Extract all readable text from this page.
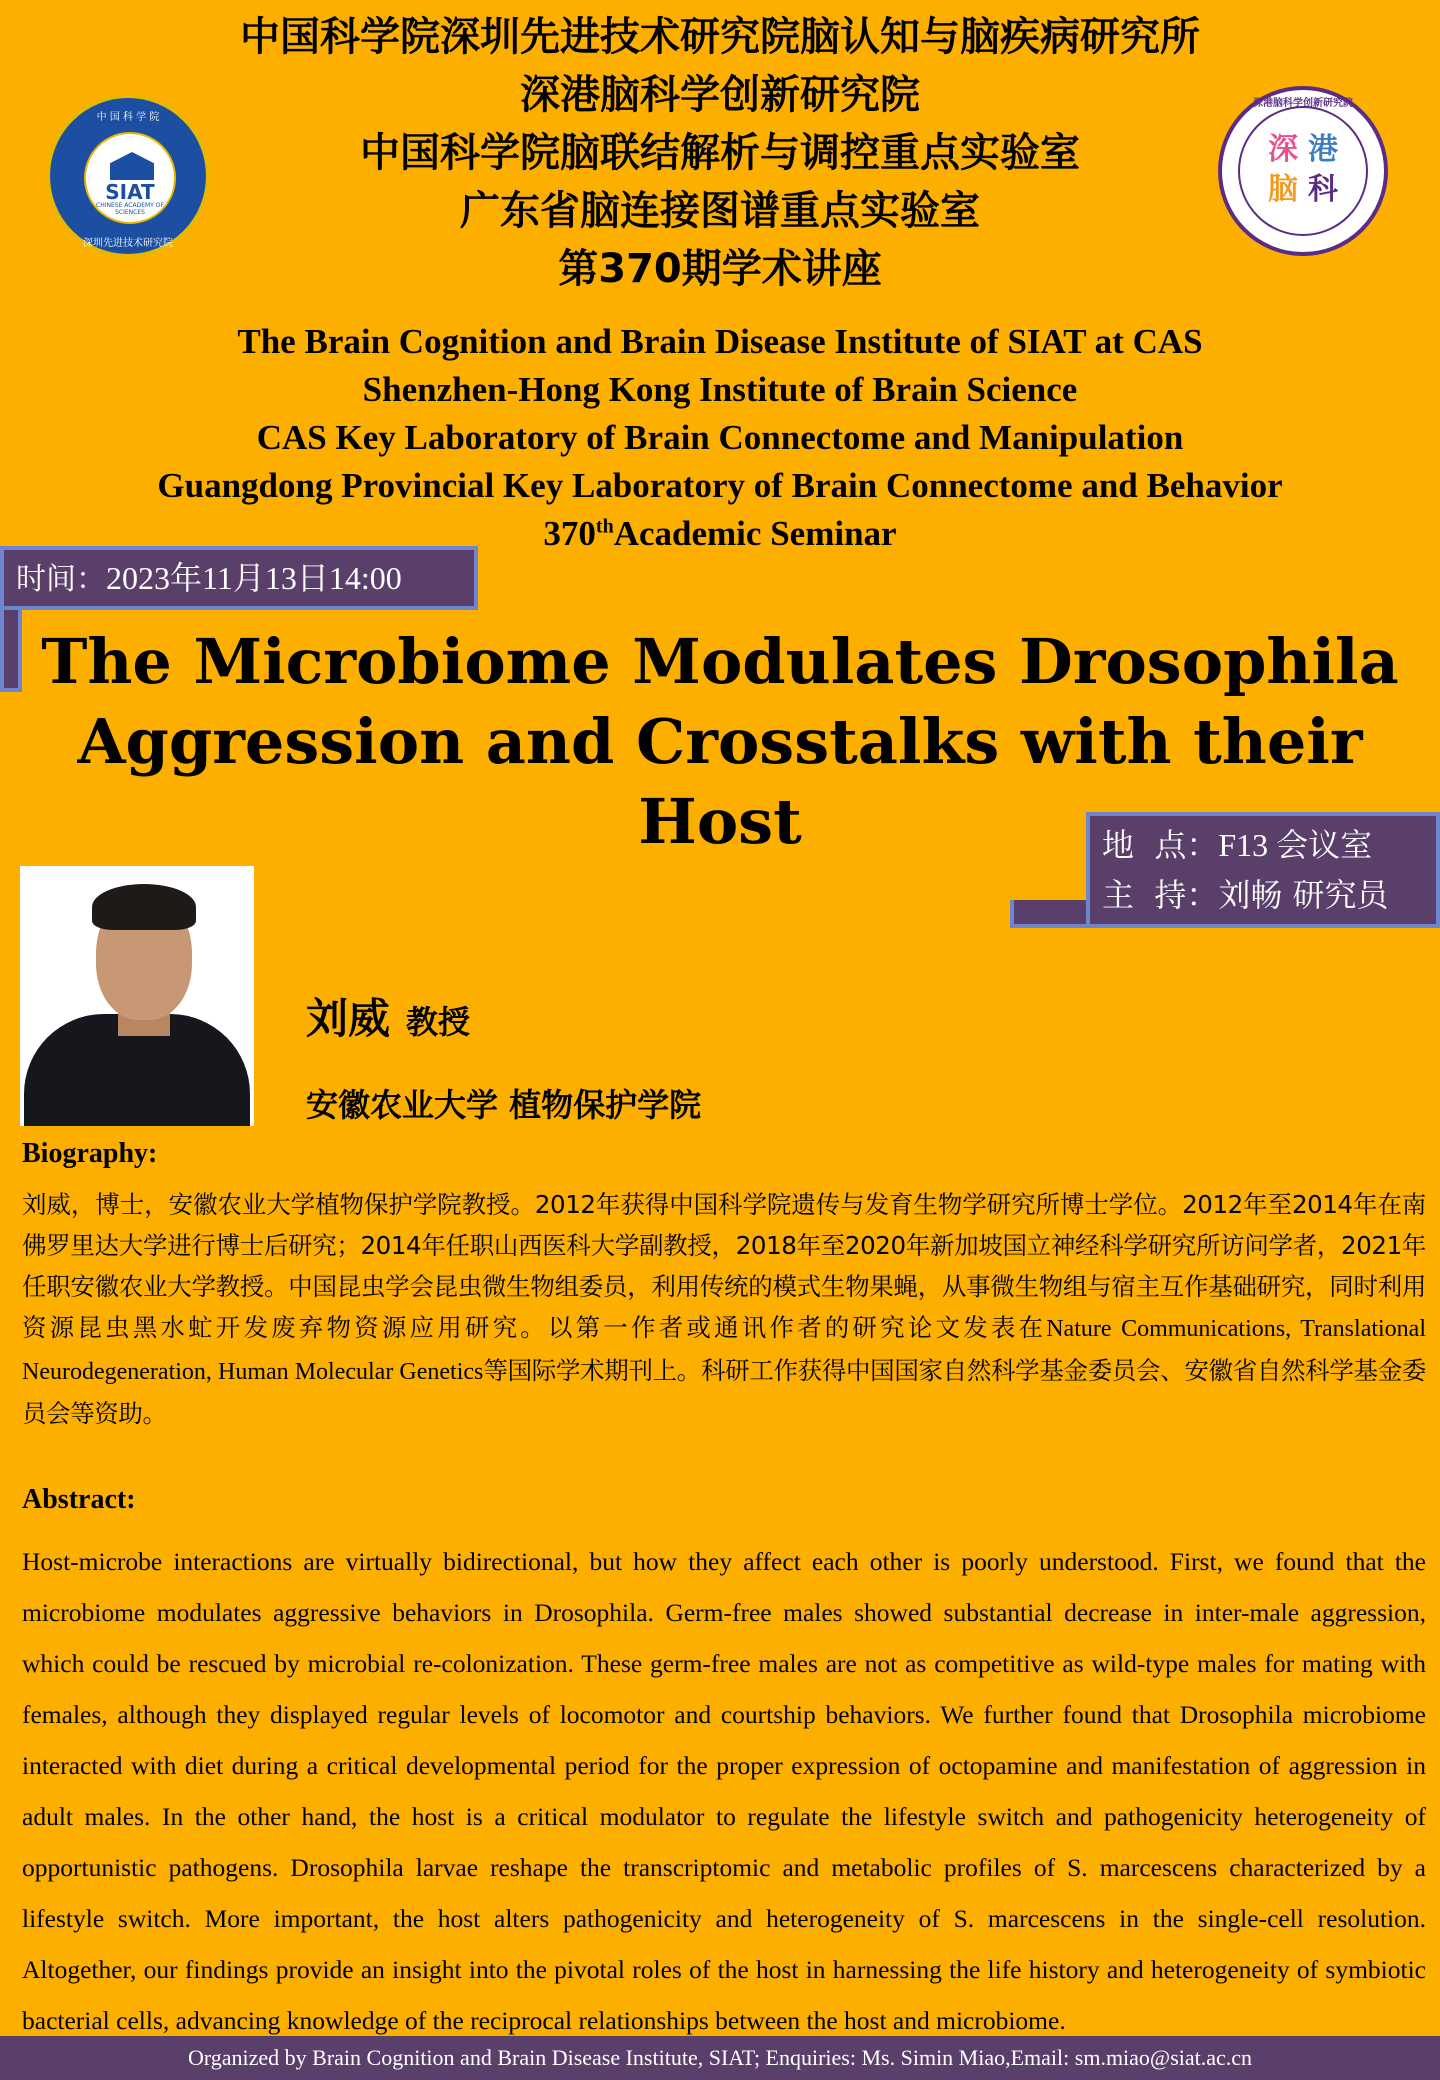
中国科学院深圳先进技术研究院脑认知与脑疾病研究所
深港脑科学创新研究院
中国科学院脑联结解析与调控重点实验室
广东省脑连接图谱重点实验室
第370期学术讲座
中 国 科 学 院
SIAT
CHINESE ACADEMY OF SCIENCES
深圳先进技术研究院
深港脑科学创新研究院
深 港脑 科
The Brain Cognition and Brain Disease Institute of SIAT at CAS
Shenzhen-Hong Kong Institute of Brain Science
CAS Key Laboratory of Brain Connectome and Manipulation
Guangdong Provincial Key Laboratory of Brain Connectome and Behavior
370thAcademic Seminar
时间：2023年11月13日14:00
The Microbiome Modulates Drosophila
Aggression and Crosstalks with their
Host	地  点：F13 会议室
主  持：刘畅 研究员
刘威 教授
安徽农业大学 植物保护学院
Biography:
刘威，博士，安徽农业大学植物保护学院教授。2012年获得中国科学院遗传与发育生物学研究所博士学位。2012年至2014年在南佛罗里达大学进行博士后研究；2014年任职山西医科大学副教授，2018年至2020年新加坡国立神经科学研究所访问学者，2021年任职安徽农业大学教授。中国昆虫学会昆虫微生物组委员，利用传统的模式生物果蝇，从事微生物组与宿主互作基础研究，同时利用资源昆虫黑水虻开发废弃物资源应用研究。以第一作者或通讯作者的研究论文发表在Nature Communications, Translational Neurodegeneration, Human Molecular Genetics等国际学术期刊上。科研工作获得中国国家自然科学基金委员会、安徽省自然科学基金委员会等资助。
Abstract:
Host-microbe interactions are virtually bidirectional, but how they affect each other is poorly understood. First, we found that the microbiome modulates aggressive behaviors in Drosophila. Germ-free males showed substantial decrease in inter-male aggression, which could be rescued by microbial re-colonization. These germ-free males are not as competitive as wild-type males for mating with females, although they displayed regular levels of locomotor and courtship behaviors. We further found that Drosophila microbiome interacted with diet during a critical developmental period for the proper expression of octopamine and manifestation of aggression in adult males. In the other hand, the host is a critical modulator to regulate the lifestyle switch and pathogenicity heterogeneity of opportunistic pathogens. Drosophila larvae reshape the transcriptomic and metabolic profiles of S. marcescens characterized by a lifestyle switch. More important, the host alters pathogenicity and heterogeneity of S. marcescens in the single-cell resolution. Altogether, our findings provide an insight into the pivotal roles of the host in harnessing the life history and heterogeneity of symbiotic bacterial cells, advancing knowledge of the reciprocal relationships between the host and microbiome.
Organized by Brain Cognition and Brain Disease Institute, SIAT; Enquiries: Ms. Simin Miao,Email: sm.miao@siat.ac.cn
